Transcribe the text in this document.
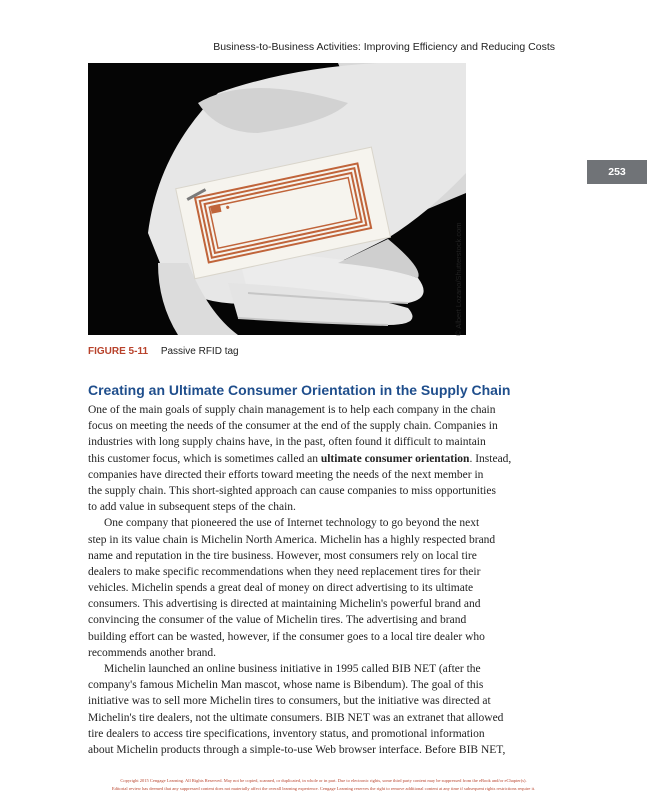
Business-to-Business Activities: Improving Efficiency and Reducing Costs
253
© Albert Lozano/Shutterstock.com
FIGURE 5-11 Passive RFID tag
Creating an Ultimate Consumer Orientation in the Supply Chain
One of the main goals of supply chain management is to help each company in the chain
focus on meeting the needs of the consumer at the end of the supply chain. Companies in
industries with long supply chains have, in the past, often found it difficult to maintain
this customer focus, which is sometimes called an ultimate consumer orientation. Instead,
companies have directed their efforts toward meeting the needs of the next member in
the supply chain. This short-sighted approach can cause companies to miss opportunities
to add value in subsequent steps of the chain.
One company that pioneered the use of Internet technology to go beyond the next
step in its value chain is Michelin North America. Michelin has a highly respected brand
name and reputation in the tire business. However, most consumers rely on local tire
dealers to make specific recommendations when they need replacement tires for their
vehicles. Michelin spends a great deal of money on direct advertising to its ultimate
consumers. This advertising is directed at maintaining Michelin's powerful brand and
convincing the consumer of the value of Michelin tires. The advertising and brand
building effort can be wasted, however, if the consumer goes to a local tire dealer who
recommends another brand.
Michelin launched an online business initiative in 1995 called BIB NET (after the
company's famous Michelin Man mascot, whose name is Bibendum). The goal of this
initiative was to sell more Michelin tires to consumers, but the initiative was directed at
Michelin's tire dealers, not the ultimate consumers. BIB NET was an extranet that allowed
tire dealers to access tire specifications, inventory status, and promotional information
about Michelin products through a simple-to-use Web browser interface. Before BIB NET,
Copyright 2015 Cengage Learning. All Rights Reserved. May not be copied, scanned, or duplicated, in whole or in part. Due to electronic rights, some third party content may be suppressed from the eBook and/or eChapter(s).
Editorial review has deemed that any suppressed content does not materially affect the overall learning experience. Cengage Learning reserves the right to remove additional content at any time if subsequent rights restrictions require it.
